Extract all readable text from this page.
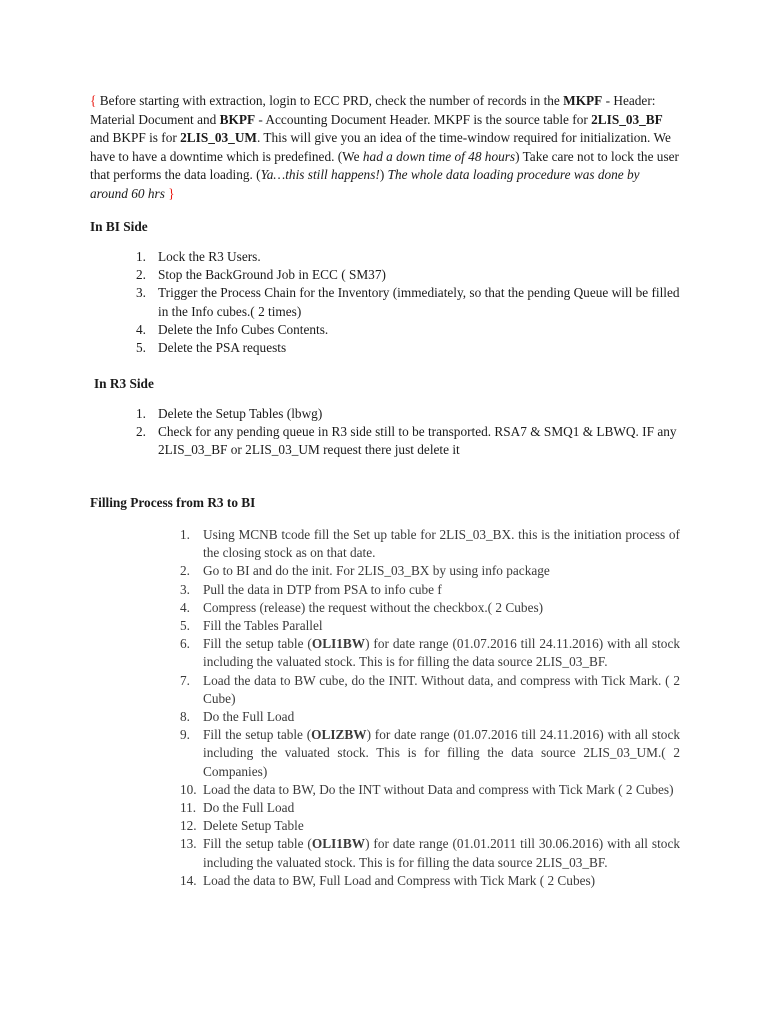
{ Before starting with extraction, login to ECC PRD, check the number of records in the MKPF - Header: Material Document and BKPF - Accounting Document Header. MKPF is the source table for 2LIS_03_BF and BKPF is for 2LIS_03_UM. This will give you an idea of the time-window required for initialization. We have to have a downtime which is predefined. (We had a down time of 48 hours) Take care not to lock the user that performs the data loading. (Ya…this still happens!) The whole data loading procedure was done by around 60 hrs }

In BI Side

1. Lock the R3 Users.
2. Stop the BackGround Job in ECC ( SM37)
3. Trigger the Process Chain for the Inventory (immediately, so that the pending Queue will be filled in the Info cubes.( 2 times)
4. Delete the Info Cubes Contents.
5. Delete the PSA requests

In R3 Side

1. Delete the Setup Tables (lbwg)
2. Check for any pending queue in R3 side still to be transported. RSA7 & SMQ1 & LBWQ. IF any 2LIS_03_BF or 2LIS_03_UM request there just delete it

Filling Process from R3 to BI

1. Using MCNB tcode fill the Set up table for 2LIS_03_BX. this is the initiation process of the closing stock as on that date.
2. Go to BI and do the init. For 2LIS_03_BX by using info package
3. Pull the data in DTP from PSA to info cube f
4. Compress (release) the request without the checkbox.( 2 Cubes)
5. Fill the Tables Parallel
6. Fill the setup table (OLI1BW) for date range (01.07.2016 till 24.11.2016) with all stock including the valuated stock. This is for filling the data source 2LIS_03_BF.
7. Load the data to BW cube, do the INIT. Without data, and compress with Tick Mark. ( 2 Cube)
8. Do the Full Load
9. Fill the setup table (OLIZBW) for date range (01.07.2016 till 24.11.2016) with all stock including the valuated stock. This is for filling the data source 2LIS_03_UM.( 2 Companies)
10. Load the data to BW, Do the INT without Data and compress with Tick Mark ( 2 Cubes)
11. Do the Full Load
12. Delete Setup Table
13. Fill the setup table (OLI1BW) for date range (01.01.2011 till 30.06.2016) with all stock including the valuated stock. This is for filling the data source 2LIS_03_BF.
14. Load the data to BW, Full Load and Compress with Tick Mark ( 2 Cubes)
